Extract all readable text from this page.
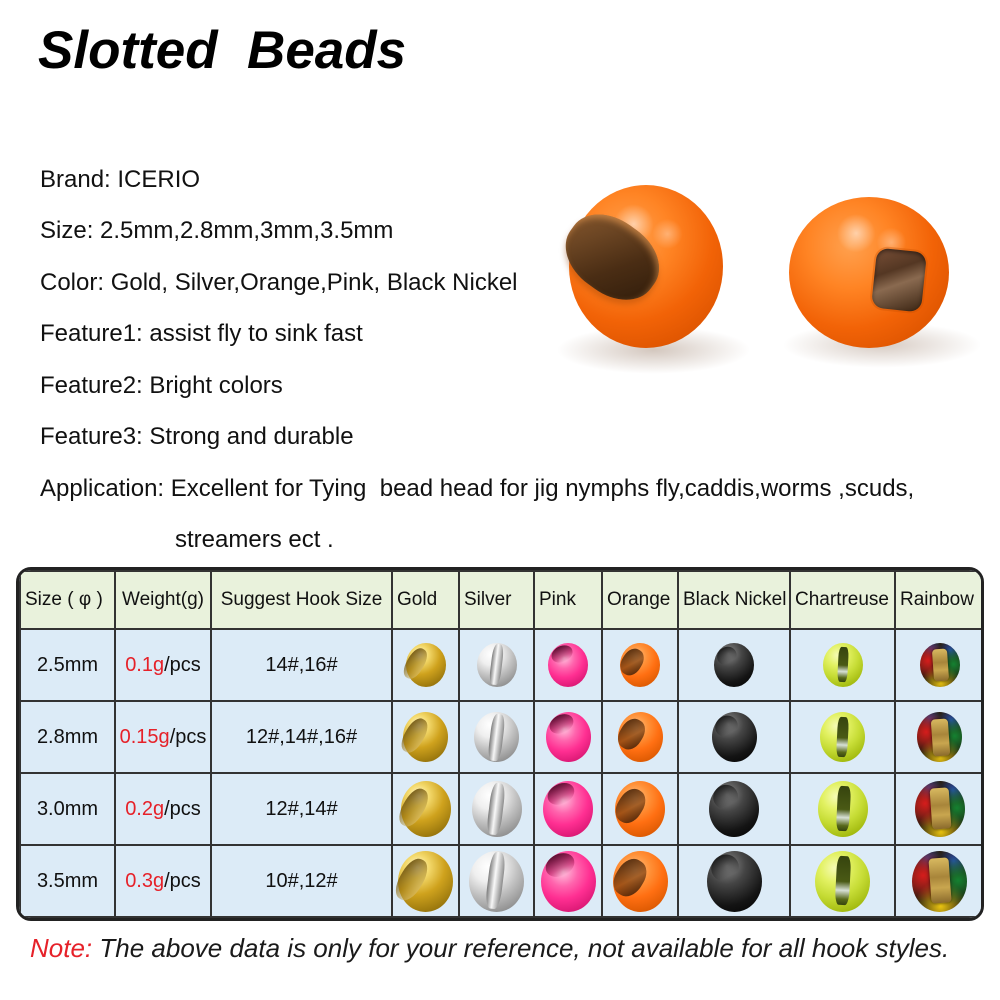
Slotted  Beads
Brand: ICERIO
Size: 2.5mm,2.8mm,3mm,3.5mm
Color: Gold, Silver,Orange,Pink, Black Nickel
Feature1: assist fly to sink fast
Feature2: Bright colors
Feature3: Strong and durable
Application: Excellent for Tying  bead head for jig nymphs fly,caddis,worms ,scuds,
streamers ect .
Size ( φ )	Weight(g)	Suggest Hook Size	Gold	Silver	Pink	Orange	Black Nickel	Chartreuse	Rainbow
2.5mm	0.1g/pcs	14#,16#	

2.8mm	0.15g/pcs	12#,14#,16#	

3.0mm	0.2g/pcs	12#,14#	

3.5mm	0.3g/pcs	10#,12#	

Note: The above data is only for your reference, not available for all hook styles.
